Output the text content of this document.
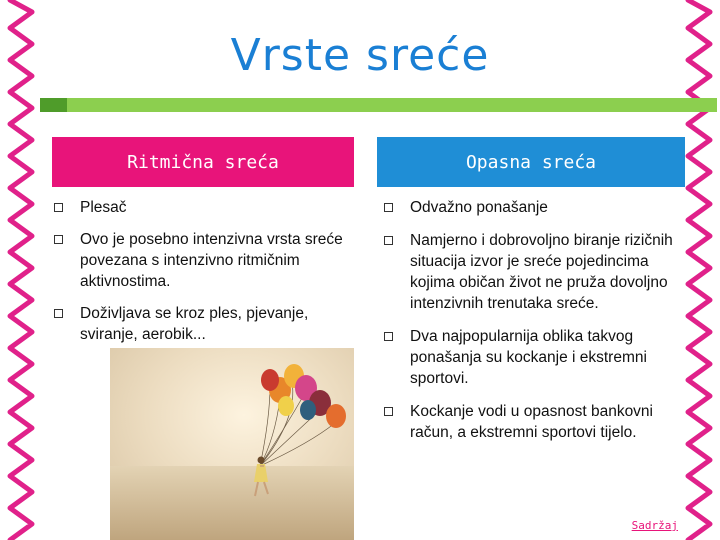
Vrste sreće
Ritmična sreća	Opasna sreća
Plesač
Ovo je posebno intenzivna vrsta sreće povezana s intenzivno ritmičnim aktivnostima.
Doživljava se kroz ples, pjevanje, sviranje, aerobik...
Odvažno ponašanje
Namjerno i dobrovoljno biranje rizičnih situacija izvor je sreće pojedincima kojima običan život ne pruža dovoljno intenzivnih trenutaka sreće.
Dva najpopularnija oblika takvog ponašanja su kockanje i ekstremni sportovi.
Kockanje vodi u opasnost bankovni račun, a ekstremni sportovi tijelo.
Sadržaj
